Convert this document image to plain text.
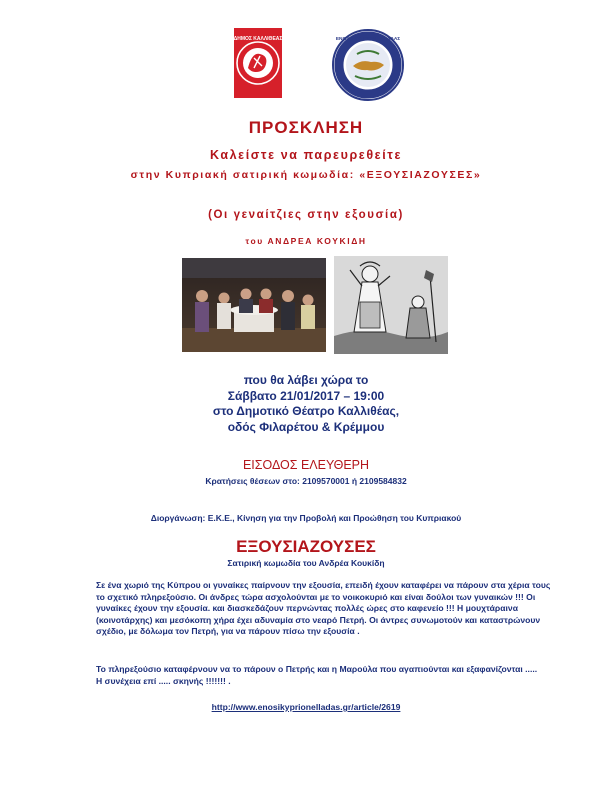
ΔΗΜΟΣ ΚΑΛΛΙΘΕΑΣ	ΕΝΩΣΗ ΚΥΠΡΙΩΝ ΕΛΛΑΔΑΣ
ΠΡΟΣΚΛΗΣΗ
Καλείστε να παρευρεθείτε
στην Κυπριακή σατιρική κωμωδία: «ΕΞΟΥΣΙΑΖΟΥΣΕΣ»
(Οι γεναίτζιες στην εξουσία)
του ΑΝΔΡΕΑ ΚΟΥΚΙΔΗ
που θα λάβει χώρα το
Σάββατο 21/01/2017 – 19:00
στο Δημοτικό Θέατρο Καλλιθέας,
οδός Φιλαρέτου & Κρέμμου
ΕΙΣΟΔΟΣ ΕΛΕΥΘΕΡΗ
Κρατήσεις θέσεων στο: 2109570001 ή 2109584832
Διοργάνωση: Ε.Κ.Ε., Κίνηση για την Προβολή και Προώθηση του Κυπριακού
ΕΞΟΥΣΙΑΖΟΥΣΕΣ
Σατιρική κωμωδία του Ανδρέα Κουκίδη
Σε ένα χωριό της Κύπρου οι γυναίκες παίρνουν την εξουσία, επειδή έχουν καταφέρει να πάρουν στα χέρια τους το σχετικό πληρεξούσιο. Οι άνδρες τώρα ασχολούνται με το νοικοκυριό και είναι δούλοι των γυναικών !!! Οι γυναίκες έχουν την εξουσία. και διασκεδάζουν περνώντας πολλές ώρες στο καφενείο !!! Η μουχτάραινα (κοινοτάρχης) και μεσόκοπη χήρα έχει αδυναμία στο νεαρό Πετρή. Οι άντρες συνωμοτούν και καταστρώνουν σχέδιο, με δόλωμα τον Πετρή, για να πάρουν πίσω την εξουσία .
Το πληρεξούσιο καταφέρνουν να το πάρουν ο Πετρής και η Μαρούλα που αγαπιούνται και εξαφανίζονται .....
Η συνέχεια επί ..... σκηνής !!!!!!! .
http://www.enosikyprionelladas.gr/article/2619
